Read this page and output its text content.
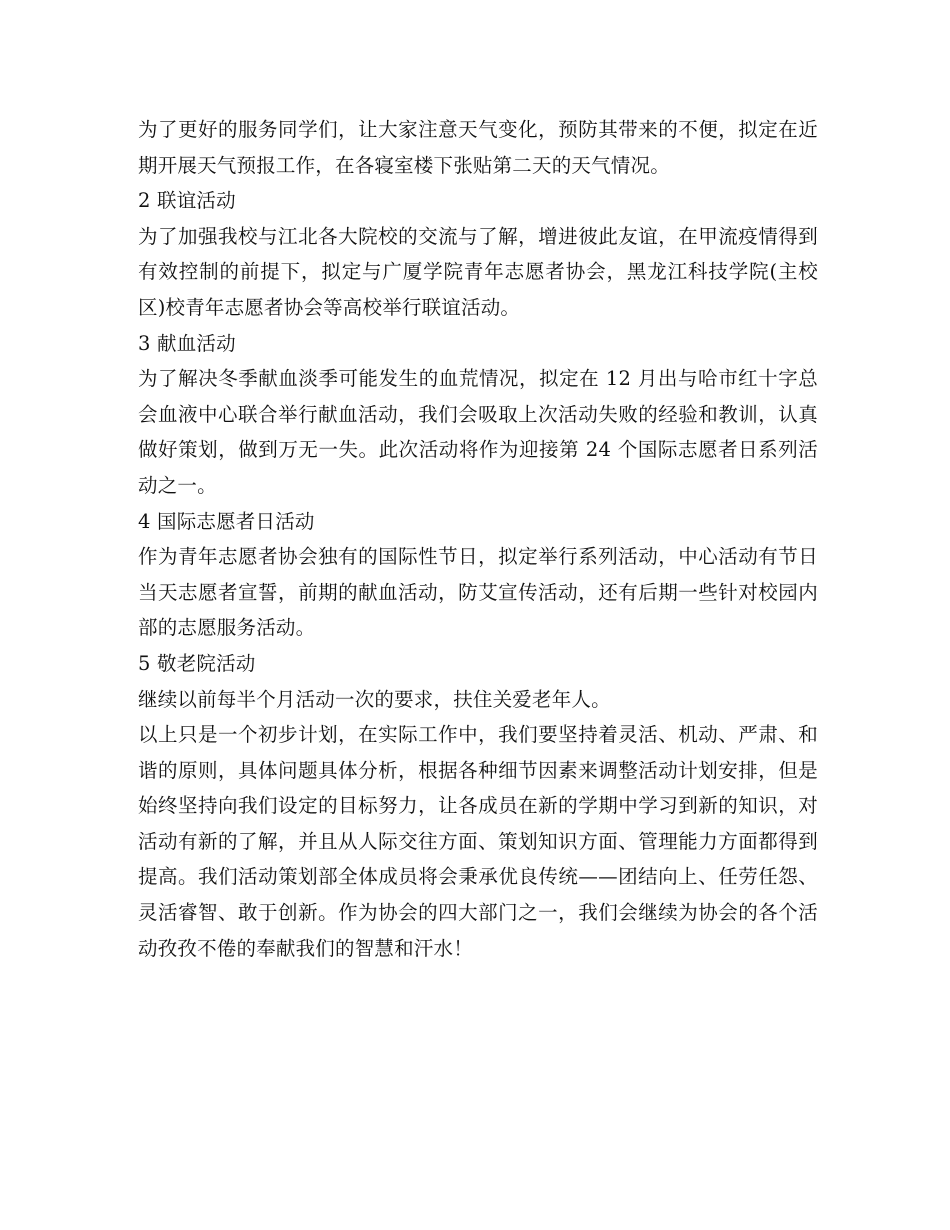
为了更好的服务同学们，让大家注意天气变化，预防其带来的不便，拟定在近期开展天气预报工作，在各寝室楼下张贴第二天的天气情况。

2 联谊活动

为了加强我校与江北各大院校的交流与了解，增进彼此友谊，在甲流疫情得到有效控制的前提下，拟定与广厦学院青年志愿者协会，黑龙江科技学院(主校区)校青年志愿者协会等高校举行联谊活动。

3 献血活动

为了解决冬季献血淡季可能发生的血荒情况，拟定在 12 月出与哈市红十字总会血液中心联合举行献血活动，我们会吸取上次活动失败的经验和教训，认真做好策划，做到万无一失。此次活动将作为迎接第 24 个国际志愿者日系列活动之一。

4 国际志愿者日活动

作为青年志愿者协会独有的国际性节日，拟定举行系列活动，中心活动有节日当天志愿者宣誓，前期的献血活动，防艾宣传活动，还有后期一些针对校园内部的志愿服务活动。

5 敬老院活动

继续以前每半个月活动一次的要求，扶住关爱老年人。

以上只是一个初步计划，在实际工作中，我们要坚持着灵活、机动、严肃、和谐的原则，具体问题具体分析，根据各种细节因素来调整活动计划安排，但是始终坚持向我们设定的目标努力，让各成员在新的学期中学习到新的知识，对活动有新的了解，并且从人际交往方面、策划知识方面、管理能力方面都得到提高。我们活动策划部全体成员将会秉承优良传统——团结向上、任劳任怨、灵活睿智、敢于创新。作为协会的四大部门之一，我们会继续为协会的各个活动孜孜不倦的奉献我们的智慧和汗水！
